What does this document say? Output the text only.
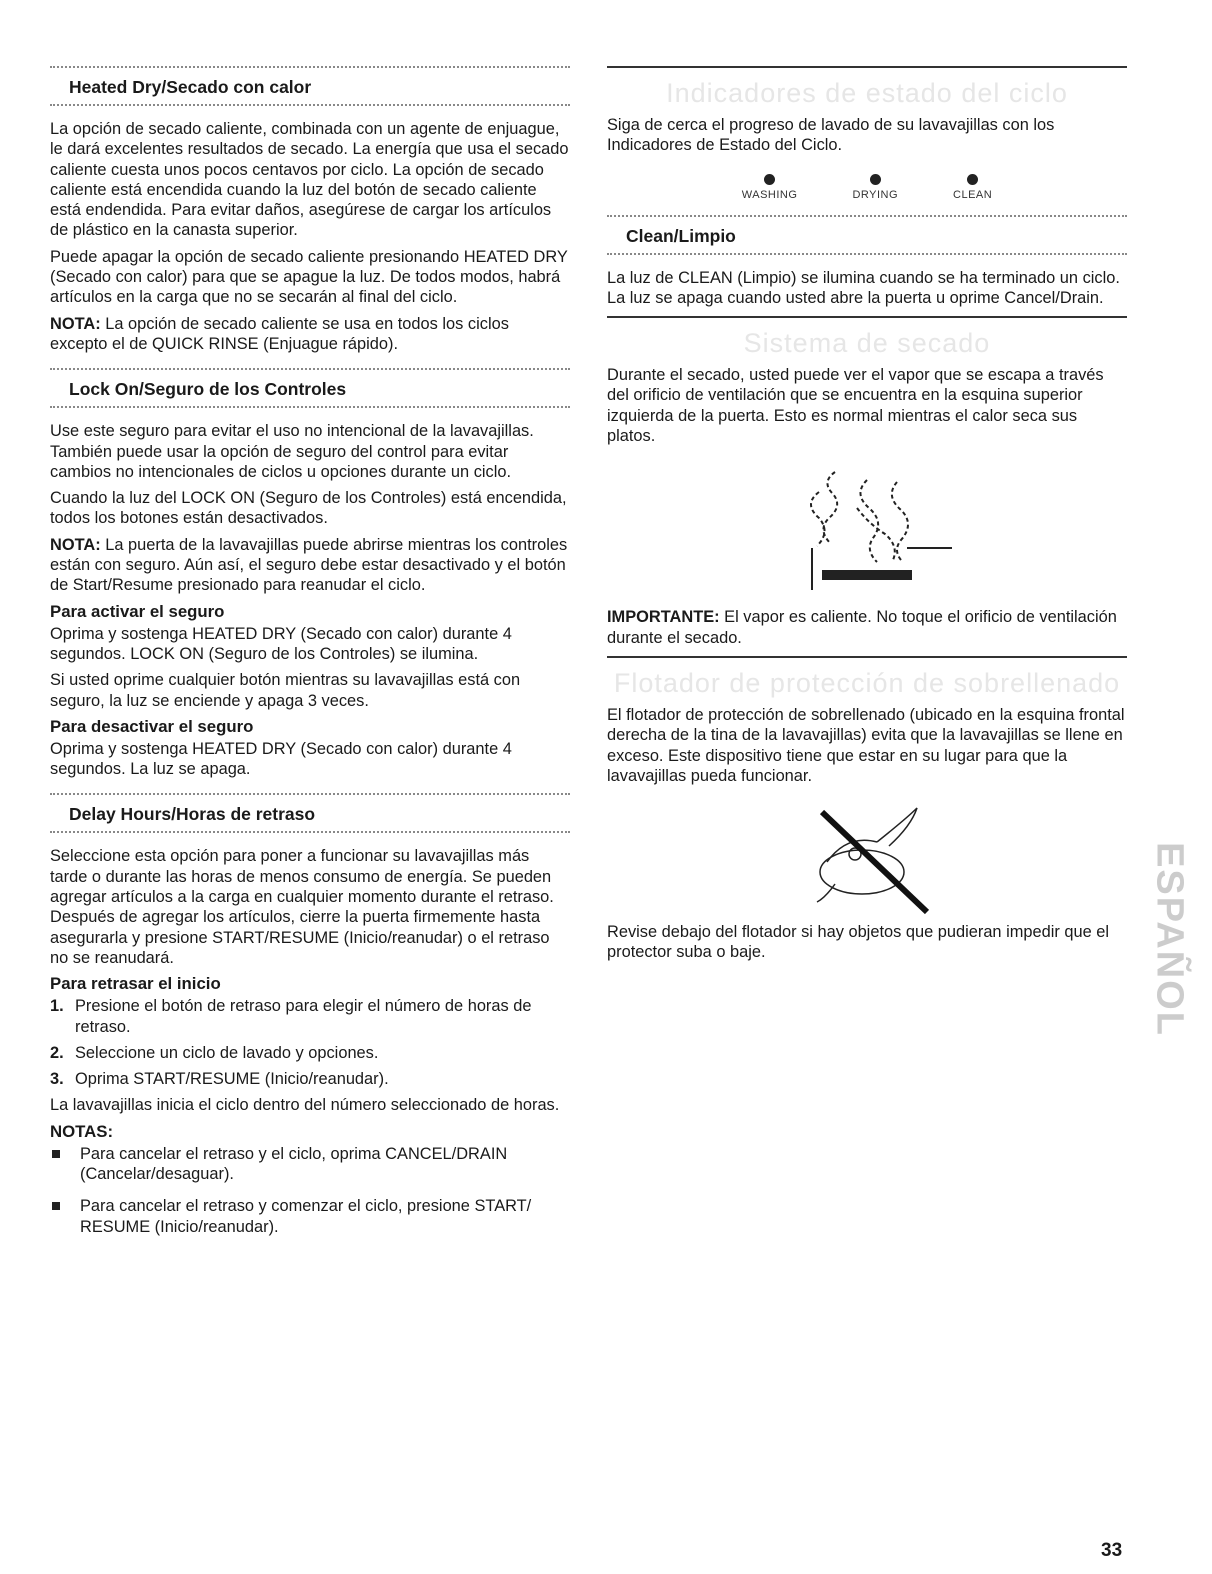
Heated Dry/Secado con calor

La opción de secado caliente, combinada con un agente de enjuague, le dará excelentes resultados de secado. La energía que usa el secado caliente cuesta unos pocos centavos por ciclo. La opción de secado caliente está encendida cuando la luz del botón de secado caliente está endendida. Para evitar daños, asegúrese de cargar los artículos de plástico en la canasta superior.

Puede apagar la opción de secado caliente presionando HEATED DRY (Secado con calor) para que se apague la luz. De todos modos, habrá artículos en la carga que no se secarán al final del ciclo.

NOTA: La opción de secado caliente se usa en todos los ciclos excepto el de QUICK RINSE (Enjuague rápido).

Lock On/Seguro de los Controles

Use este seguro para evitar el uso no intencional de la lavavajillas. También puede usar la opción de seguro del control para evitar cambios no intencionales de ciclos u opciones durante un ciclo.

Cuando la luz del LOCK ON (Seguro de los Controles) está encendida, todos los botones están desactivados.

NOTA: La puerta de la lavavajillas puede abrirse mientras los controles están con seguro. Aún así, el seguro debe estar desactivado y el botón de Start/Resume presionado para reanudar el ciclo.

Para activar el seguro

Oprima y sostenga HEATED DRY (Secado con calor) durante 4 segundos. LOCK ON (Seguro de los Controles) se ilumina.

Si usted oprime cualquier botón mientras su lavavajillas está con seguro, la luz se enciende y apaga 3 veces.

Para desactivar el seguro

Oprima y sostenga HEATED DRY (Secado con calor) durante 4 segundos. La luz se apaga.

Delay Hours/Horas de retraso

Seleccione esta opción para poner a funcionar su lavavajillas más tarde o durante las horas de menos consumo de energía. Se pueden agregar artículos a la carga en cualquier momento durante el retraso. Después de agregar los artículos, cierre la puerta firmemente hasta asegurarla y presione START/RESUME (Inicio/reanudar) o el retraso no se reanudará.

Para retrasar el inicio
1. Presione el botón de retraso para elegir el número de horas de retraso.
2. Seleccione un ciclo de lavado y opciones.
3. Oprima START/RESUME (Inicio/reanudar).

La lavavajillas inicia el ciclo dentro del número seleccionado de horas.

NOTAS:
Para cancelar el retraso y el ciclo, oprima CANCEL/DRAIN (Cancelar/desaguar).
Para cancelar el retraso y comenzar el ciclo, presione START/ RESUME (Inicio/reanudar).
Indicadores de estado del ciclo

Siga de cerca el progreso de lavado de su lavavajillas con los Indicadores de Estado del Ciclo.

WASHING	DRYING	CLEAN
Clean/Limpio

La luz de CLEAN (Limpio) se ilumina cuando se ha terminado un ciclo. La luz se apaga cuando usted abre la puerta u oprime Cancel/Drain.

Sistema de secado

Durante el secado, usted puede ver el vapor que se escapa a través del orificio de ventilación que se encuentra en la esquina superior izquierda de la puerta. Esto es normal mientras el calor seca sus platos.

IMPORTANTE: El vapor es caliente. No toque el orificio de ventilación durante el secado.

Flotador de protección de sobrellenado

El flotador de protección de sobrellenado (ubicado en la esquina frontal derecha de la tina de la lavavajillas) evita que la lavavajillas se llene en exceso. Este dispositivo tiene que estar en su lugar para que la lavavajillas pueda funcionar.

Revise debajo del flotador si hay objetos que pudieran impedir que el protector suba o baje.	ESPAÑOL
33
